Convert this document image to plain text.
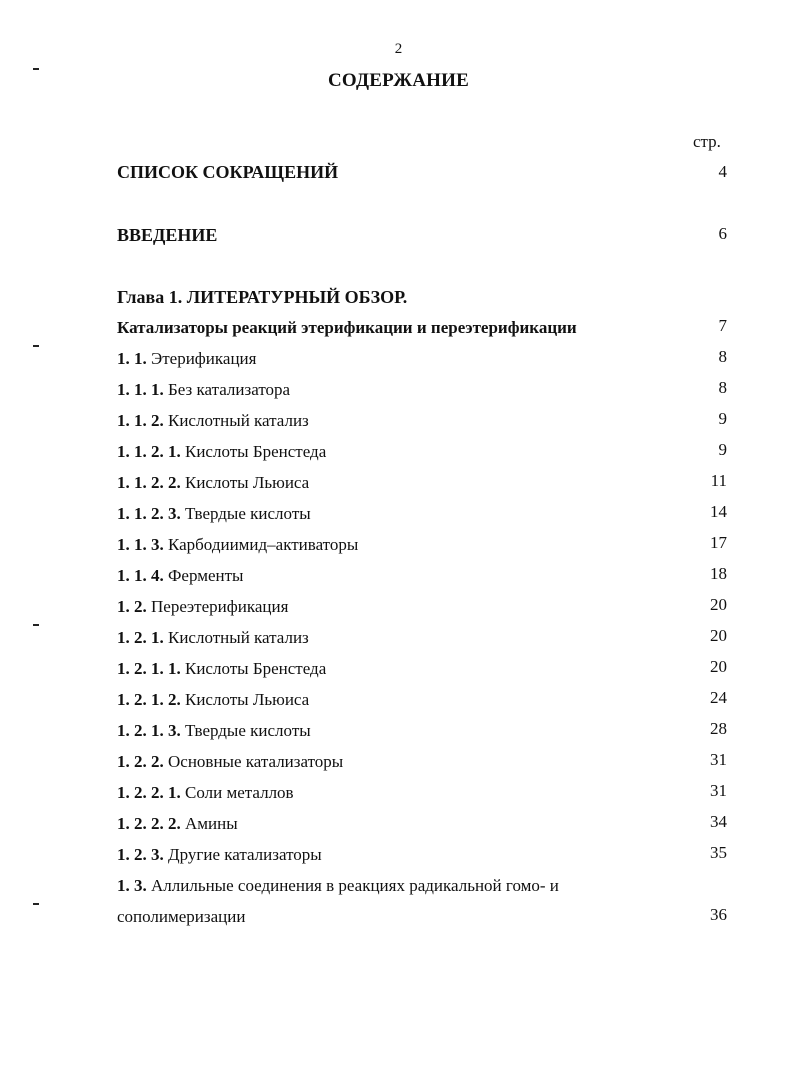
2
СОДЕРЖАНИЕ
стр.
СПИСОК СОКРАЩЕНИЙ	4
ВВЕДЕНИЕ	6
Глава 1. ЛИТЕРАТУРНЫЙ ОБЗОР.
Катализаторы реакций этерификации и переэтерификации	7
1. 1. Этерификация	8
1. 1. 1. Без катализатора	8
1. 1. 2. Кислотный катализ	9
1. 1. 2. 1. Кислоты Бренстеда	9
1. 1. 2. 2. Кислоты Льюиса	11
1. 1. 2. 3. Твердые кислоты	14
1. 1. 3. Карбодиимид–активаторы	17
1. 1. 4. Ферменты	18
1. 2. Переэтерификация	20
1. 2. 1. Кислотный катализ	20
1. 2. 1. 1. Кислоты Бренстеда	20
1. 2. 1. 2. Кислоты Льюиса	24
1. 2. 1. 3. Твердые кислоты	28
1. 2. 2. Основные катализаторы	31
1. 2. 2. 1. Соли металлов	31
1. 2. 2. 2. Амины	34
1. 2. 3. Другие катализаторы	35
1. 3. Аллильные соединения в реакциях радикальной гомо- и
сополимеризации	36
